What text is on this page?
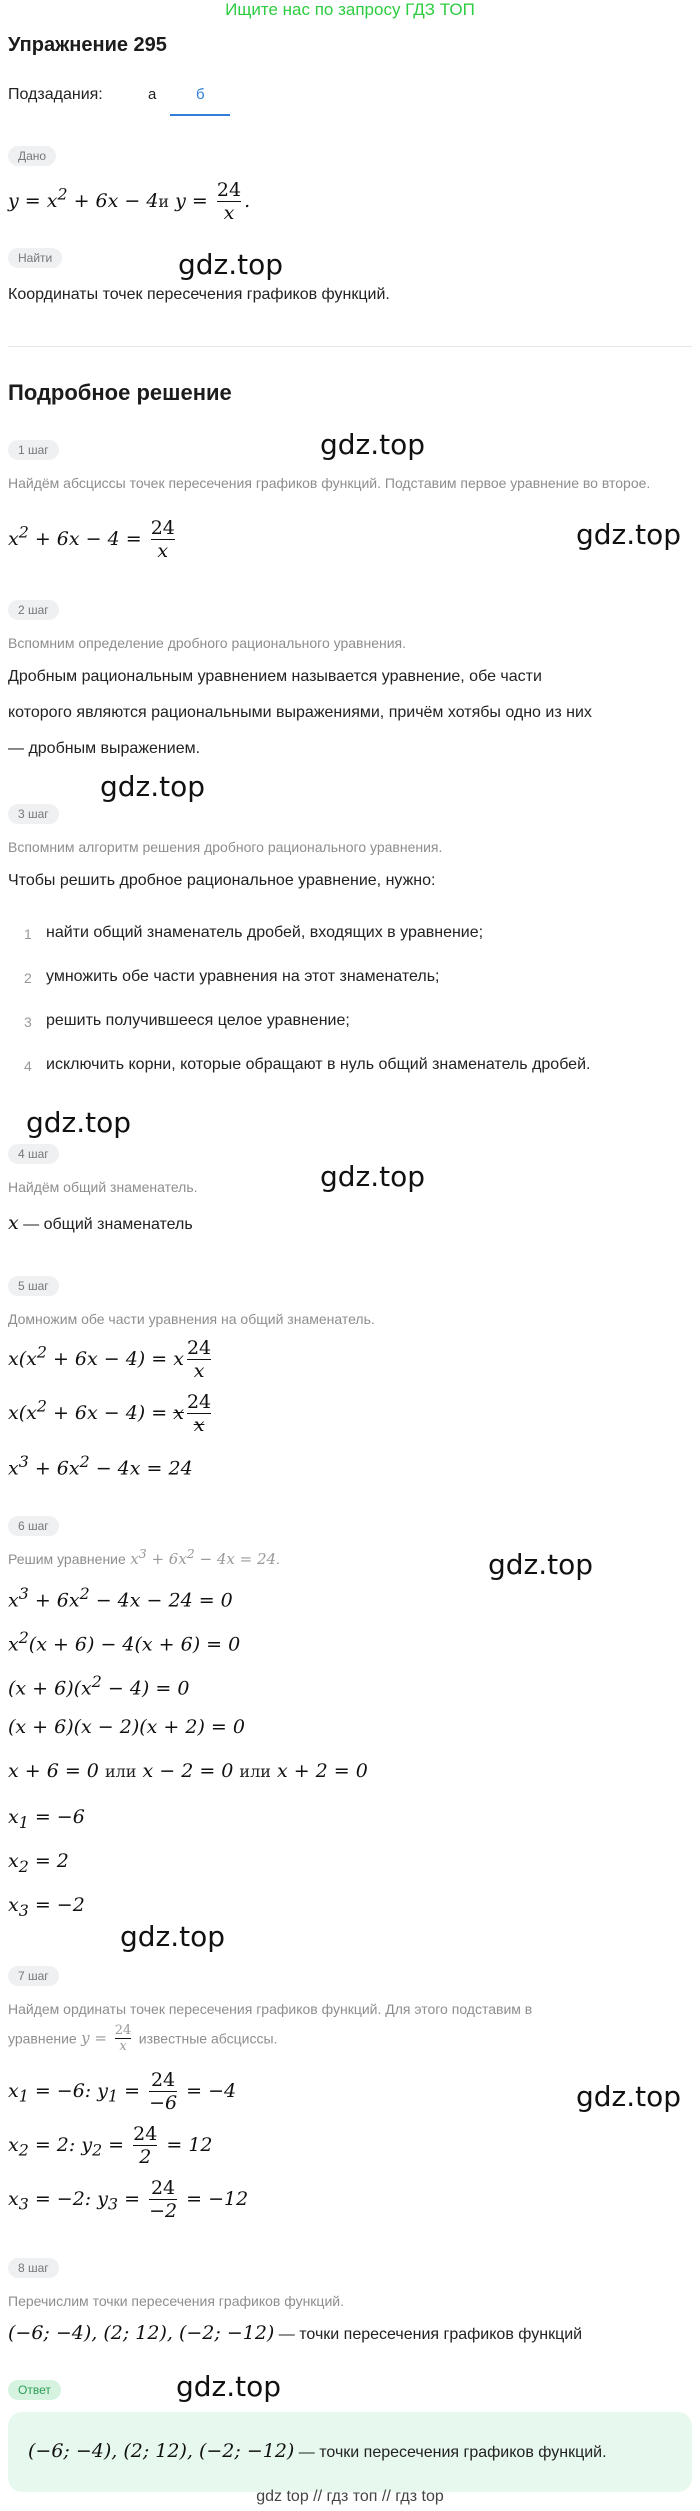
Ищите нас по запросу ГДЗ ТОП
Упражнение 295
Подзадания:	а	б
Дано
$y = x^2 + 6x - 4и$ $y = \frac{24}{x}$ .
Найти	gdz.top
Координаты точек пересечения графиков функций.
Подробное решение
1 шаг	gdz.top
Найдём абсциссы точек пересечения графиков функций. Подставим первое уравнение во второе.
gdz.top
$x^2 + 6x - 4 = \frac{24}{x}$
2 шаг
Вспомним определение дробного рационального уравнения.
Дробным рациональным уравнением называется уравнение, обе части
которого являются рациональными выражениями, причём хотябы одно из них
— дробным выражением.
gdz.top
3 шаг
Вспомним алгоритм решения дробного рационального уравнения.
Чтобы решить дробное рациональное уравнение, нужно:
1 найти общий знаменатель дробей, входящих в уравнение;
2 умножить обе части уравнения на этот знаменатель;
3 решить получившееся целое уравнение;
4 исключить корни, которые обращают в нуль общий знаменатель дробей.
gdz.top
4 шаг
gdz.top
Найдём общий знаменатель.
x — общий знаменатель
5 шаг
Домножим обе части уравнения на общий знаменатель.
$x(x^2 + 6x - 4) = x \frac{24}{x}$
$x(x^2 + 6x - 4) = x \frac{24}{x}$
$x^3 + 6x^2 - 4x = 24$
6 шаг
Решим уравнение $x^3 + 6x^2 - 4x = 24$.	gdz.top
$x^3 + 6x^2 - 4x - 24 = 0$
$x^2(x + 6) - 4(x + 6) = 0$
$(x + 6)(x^2 - 4) = 0$
(x + 6)(x − 2)(x + 2) = 0
x + 6 = 0 или x − 2 = 0 или x + 2 = 0
$x_1 = -6$
$x_2 = 2$
$x_3 = -2$
gdz.top
7 шаг
Найдем ординаты точек пересечения графиков функций. Для этого подставим в
уравнение $y = \frac{24}{x}$ известные абсциссы.
$x_1 = -6$: $y_1 = \frac{24}{-6} = -4$	gdz.top
$x_2 = 2$: $y_2 = \frac{24}{2} = 12$
$x_3 = -2$: $y_3 = \frac{24}{-2} = -12$
8 шаг
Перечислим точки пересечения графиков функций.
(−6; −4), (2; 12), (−2; −12) — точки пересечения графиков функций
Ответ	gdz.top
(−6; −4), (2; 12), (−2; −12) — точки пересечения графиков функций.
gdz top // гдз топ // гдз top
